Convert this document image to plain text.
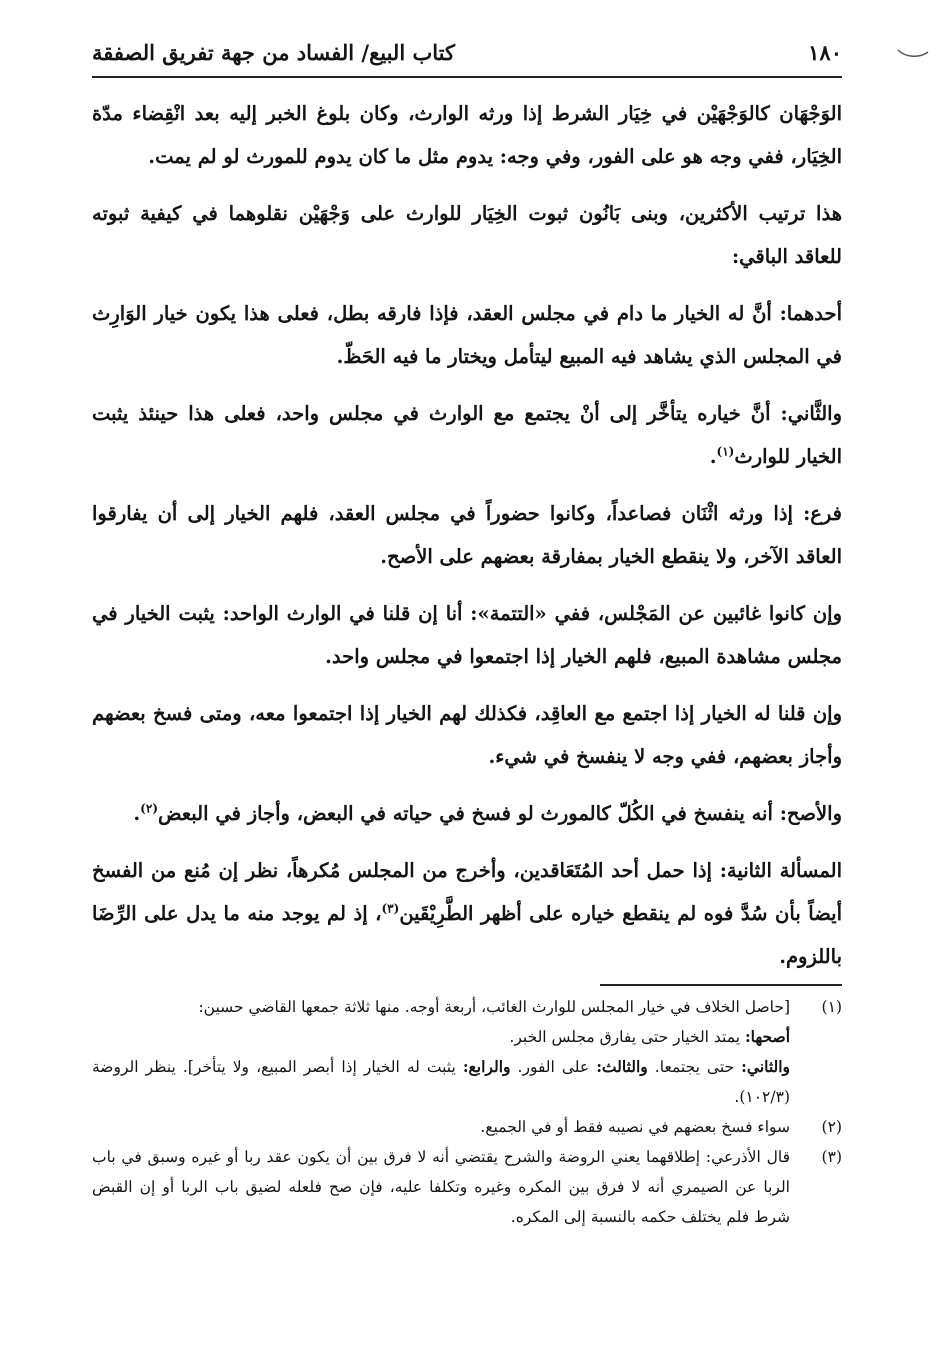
١٨٠
كتاب البيع/ الفساد من جهة تفريق الصفقة

الوَجْهَان كالوَجْهَيْن في خِيَار الشرط إذا ورثه الوارث، وكان بلوغ الخبر إليه بعد انْقِضاء مدّة الخِيَار، ففي وجه هو على الفور، وفي وجه: يدوم مثل ما كان يدوم للمورث لو لم يمت.

هذا ترتيب الأكثرين، وبنى بَانُون ثبوت الخِيَار للوارث على وَجْهَيْن نقلوهما في كيفية ثبوته للعاقد الباقي:

أحدهما: أنَّ له الخيار ما دام في مجلس العقد، فإذا فارقه بطل، فعلى هذا يكون خيار الوَارِث في المجلس الذي يشاهد فيه المبيع ليتأمل ويختار ما فيه الحَظّ.

والثَّاني: أنَّ خياره يتأخَّر إلى أنْ يجتمع مع الوارث في مجلس واحد، فعلى هذا حينئذ يثبت الخيار للوارث$^{(١)}$.

فرع: إذا ورثه اثْنَان فصاعداً، وكانوا حضوراً في مجلس العقد، فلهم الخيار إلى أن يفارقوا العاقد الآخر، ولا ينقطع الخيار بمفارقة بعضهم على الأصح.

وإن كانوا غائبين عن المَجْلس، ففي «التتمة»: أنا إن قلنا في الوارث الواحد: يثبت الخيار في مجلس مشاهدة المبيع، فلهم الخيار إذا اجتمعوا في مجلس واحد.

وإن قلنا له الخيار إذا اجتمع مع العاقِد، فكذلك لهم الخيار إذا اجتمعوا معه، ومتى فسخ بعضهم وأجاز بعضهم، ففي وجه لا ينفسخ في شيء.

والأصح: أنه ينفسخ في الكُلّ كالمورث لو فسخ في حياته في البعض، وأجاز في البعض$^{(٢)}$.

المسألة الثانية: إذا حمل أحد المُتَعَاقدين، وأخرج من المجلس مُكرهاً، نظر إن مُنع من الفسخ أيضاً بأن سُدَّ فوه لم ينقطع خياره على أظهر الطَّرِيْقَين$^{(٣)}$، إذ لم يوجد منه ما يدل على الرِّضَا باللزوم.

(١)
[حاصل الخلاف في خيار المجلس للوارث الغائب، أربعة أوجه. منها ثلاثة جمعها القاضي حسين:

أصحها: يمتد الخيار حتى يفارق مجلس الخبر.

والثاني: حتى يجتمعا. والثالث: على الفور. والرابع: يثبت له الخيار إذا أبصر المبيع، ولا يتأخر]. ينظر الروضة (١٠٢/٣).

(٢)
سواء فسخ بعضهم في نصيبه فقط أو في الجميع.
(٣)
قال الأذرعي: إطلاقهما يعني الروضة والشرح يقتضي أنه لا فرق بين أن يكون عقد ربا أو غيره وسبق في باب الربا عن الصيمري أنه لا فرق بين المكره وغيره وتكلفا عليه، فإن صح فلعله لضيق باب الربا أو إن القبض شرط فلم يختلف حكمه بالنسبة إلى المكره.
